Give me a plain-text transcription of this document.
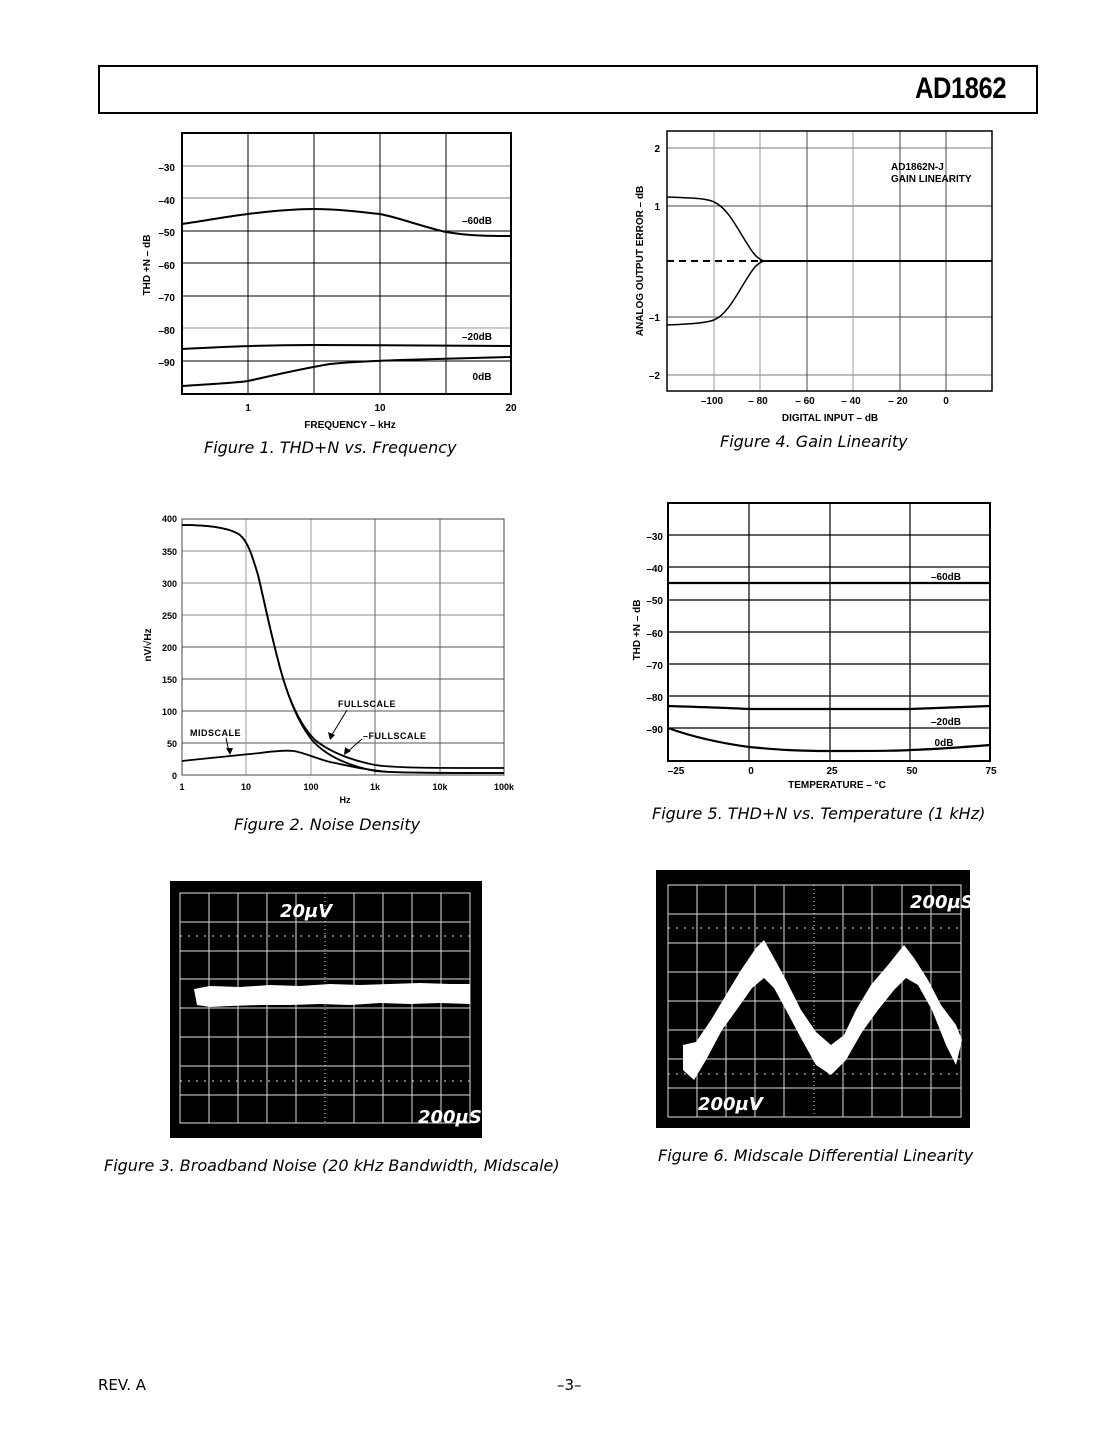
AD1862
–30
–40
–50
–60
–70
–80
–90
1	10	20
FREQUENCY – kHz
THD +N – dB
–60dB
–20dB
0dB
Figure 1. THD+N vs. Frequency
2
1
–1
–2
–100	– 80	– 60	– 40	– 20	0
DIGITAL INPUT – dB
ANALOG OUTPUT ERROR – dB
AD1862N-J
GAIN LINEARITY
Figure 4. Gain Linearity
400
350
300
250
200
150
100
50
0
1	10	100	1k	10k	100k
Hz
nV/√Hz
FULLSCALE
–FULLSCALE
MIDSCALE
Figure 2. Noise Density
–30
–40
–50
–60
–70
–80
–90
–25	0	25	50	75
TEMPERATURE – °C
THD +N – dB
–60dB
–20dB
0dB
Figure 5. THD+N vs. Temperature (1 kHz)
20µV
200µS
Figure 3. Broadband Noise (20 kHz Bandwidth, Midscale)
200µS
200µV
Figure 6. Midscale Differential Linearity
REV. A	–3–
